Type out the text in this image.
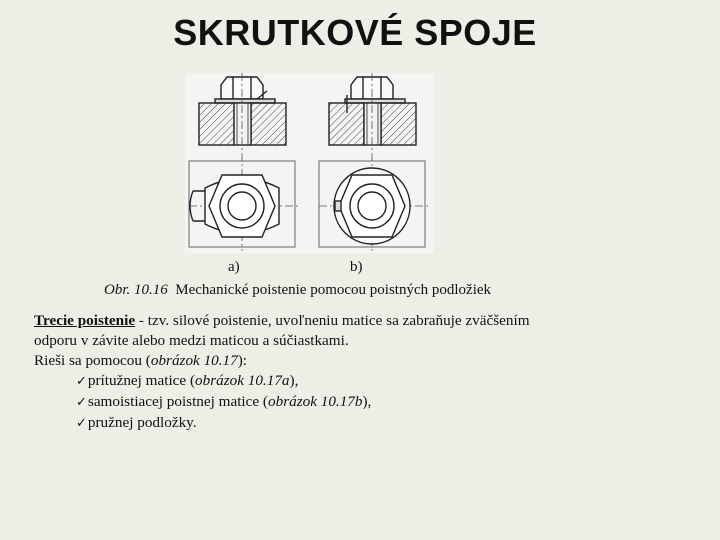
SKRUTKOVÉ SPOJE
a)	b)
Obr. 10.16 Mechanické poistenie pomocou poistných podložiek

Trecie poistenie - tzv. silové poistenie, uvoľneniu matice sa zabraňuje zväčšením

odporu v závite alebo medzi maticou a súčiastkami.

Rieši sa pomocou (obrázok 10.17):

✓prítužnej matice (obrázok 10.17a),

✓samoistiacej poistnej matice (obrázok 10.17b),

✓pružnej podložky.
